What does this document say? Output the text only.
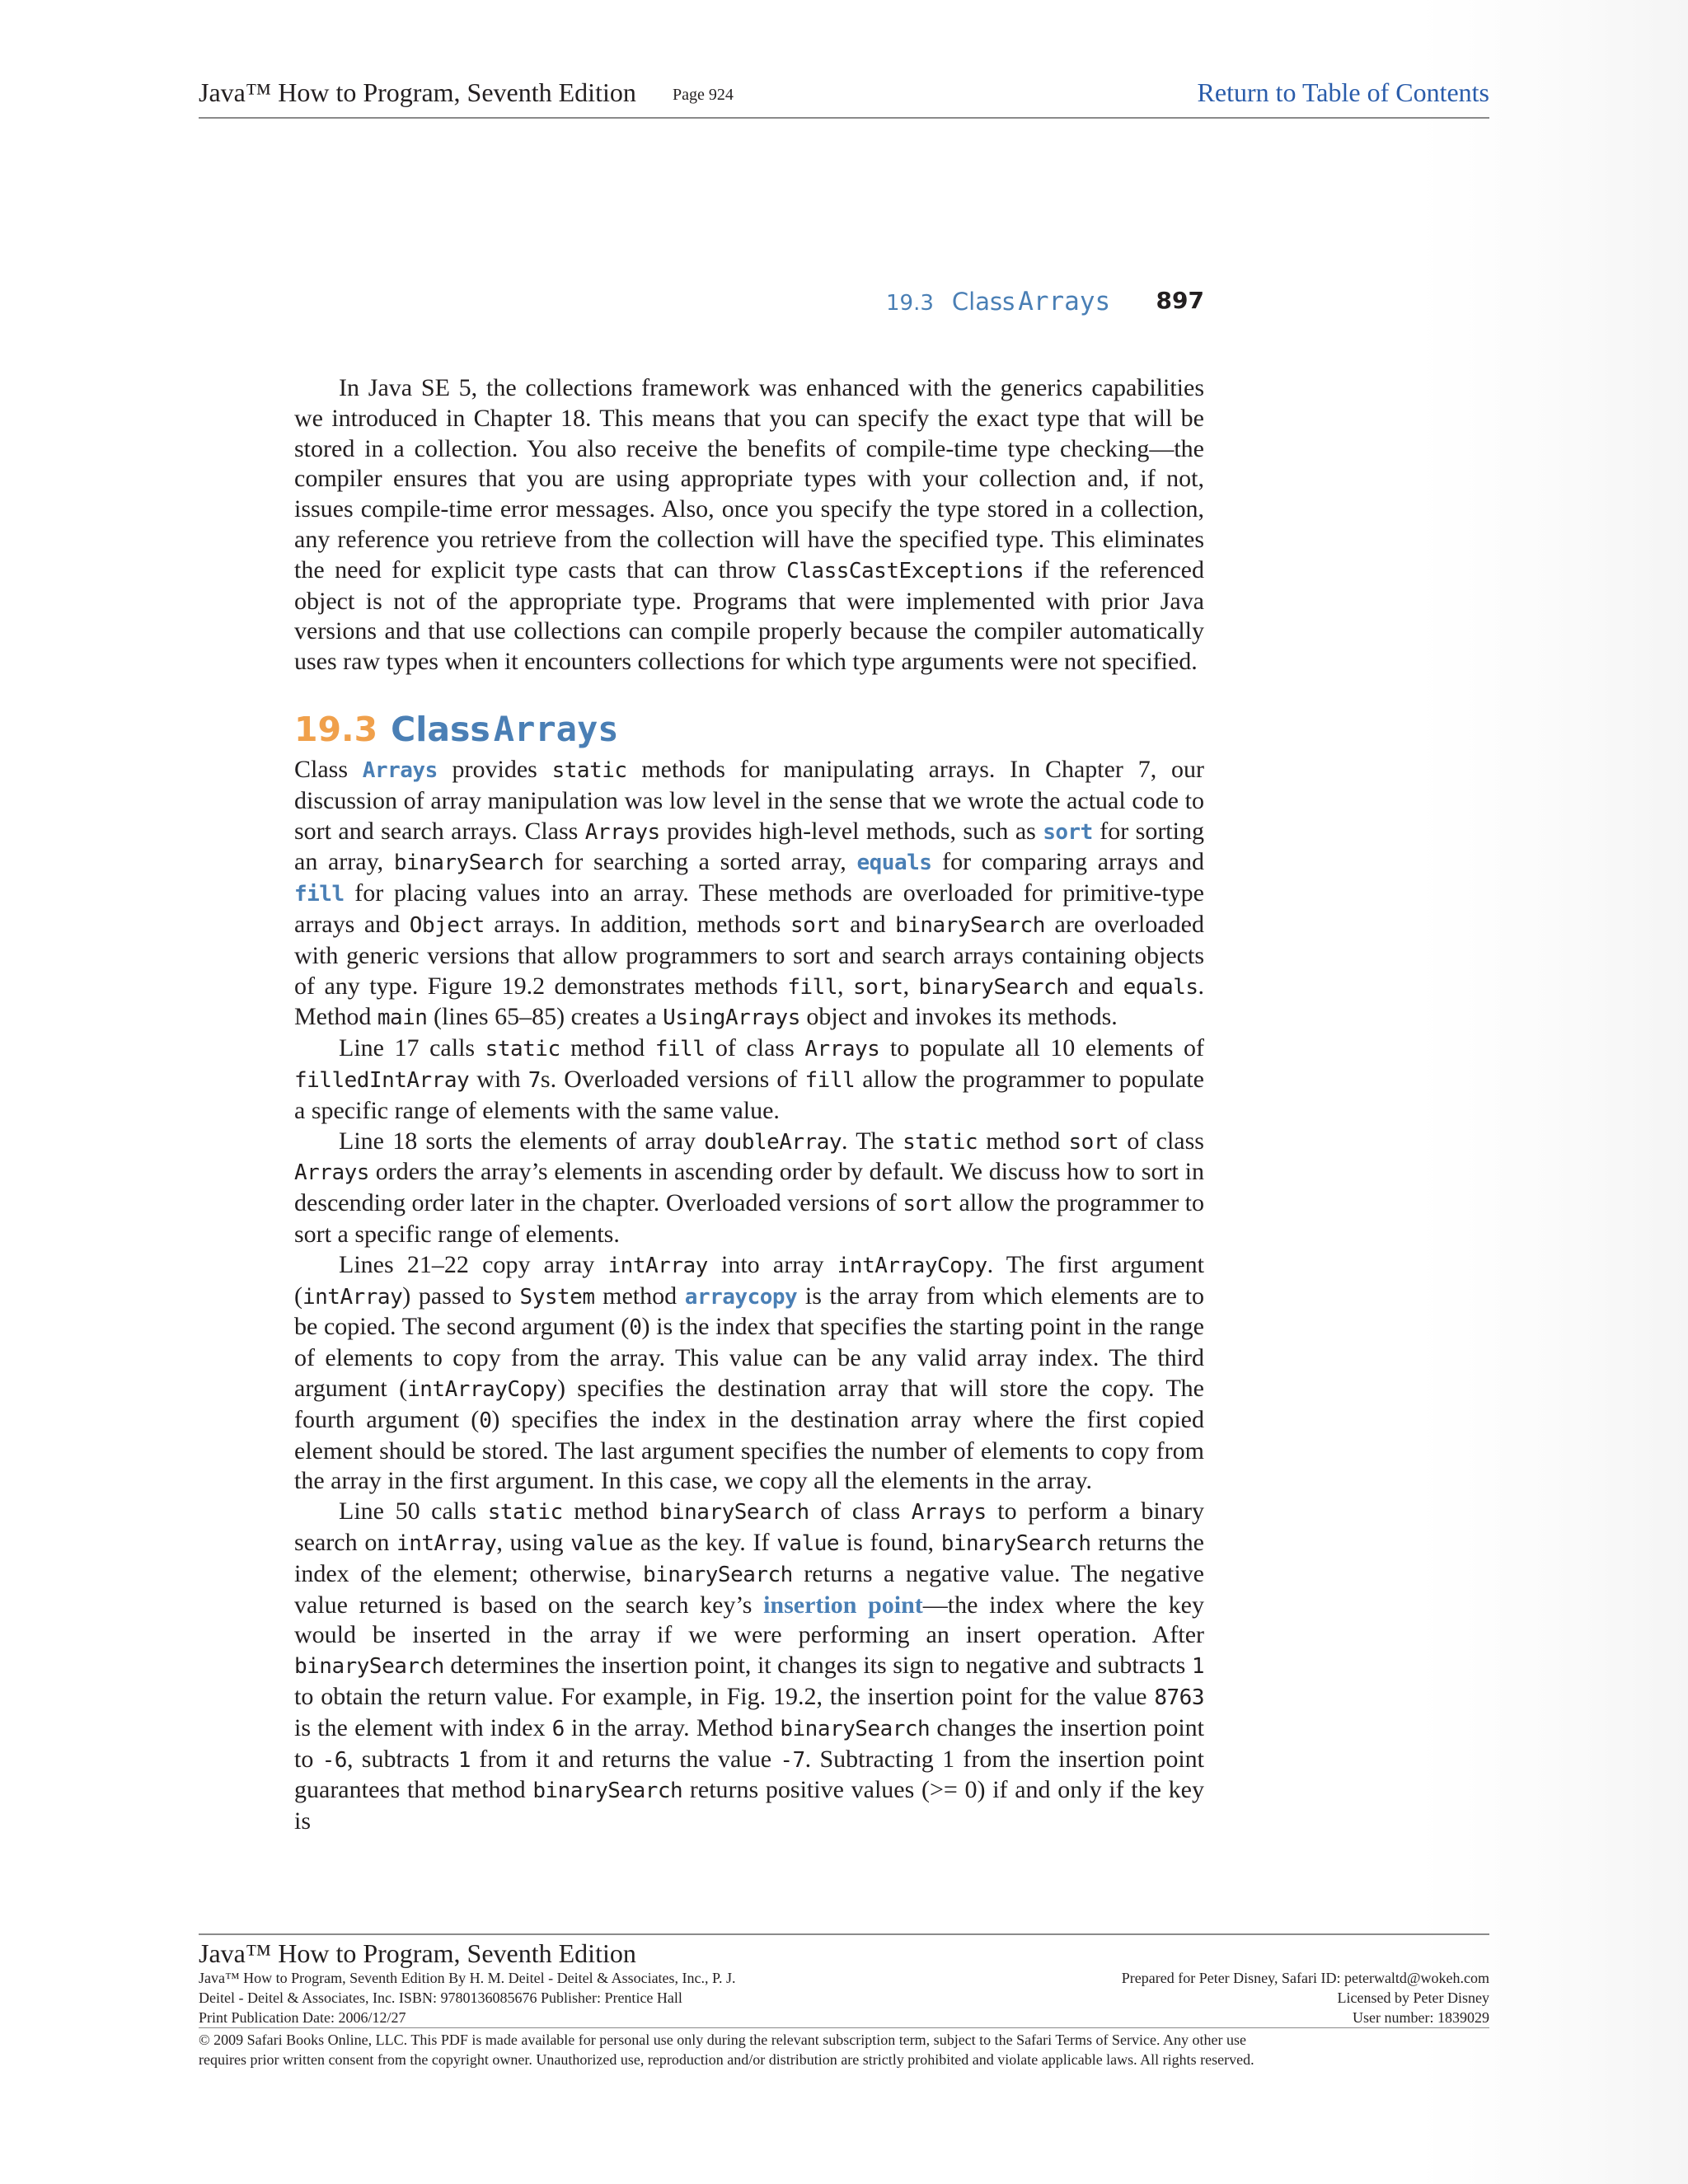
Java™ How to Program, Seventh Edition Page 924	Return to Table of Contents
19.3 Class Arrays 897

In Java SE 5, the collections framework was enhanced with the generics capabilities we introduced in Chapter 18. This means that you can specify the exact type that will be stored in a collection. You also receive the benefits of compile-time type checking—the compiler ensures that you are using appropriate types with your collection and, if not, issues compile-time error messages. Also, once you specify the type stored in a collection, any reference you retrieve from the collection will have the specified type. This eliminates the need for explicit type casts that can throw ClassCastExceptions if the referenced object is not of the appropriate type. Programs that were implemented with prior Java versions and that use collections can compile properly because the compiler automatically uses raw types when it encounters collections for which type arguments were not specified.

19.3 Class Arrays

Class Arrays provides static methods for manipulating arrays. In Chapter 7, our discussion of array manipulation was low level in the sense that we wrote the actual code to sort and search arrays. Class Arrays provides high-level methods, such as sort for sorting an array, binarySearch for searching a sorted array, equals for comparing arrays and fill for placing values into an array. These methods are overloaded for primitive-type arrays and Object arrays. In addition, methods sort and binarySearch are overloaded with generic versions that allow programmers to sort and search arrays containing objects of any type. Figure 19.2 demonstrates methods fill, sort, binarySearch and equals. Method main (lines 65–85) creates a UsingArrays object and invokes its methods.

Line 17 calls static method fill of class Arrays to populate all 10 elements of filledIntArray with 7s. Overloaded versions of fill allow the programmer to populate a specific range of elements with the same value.

Line 18 sorts the elements of array doubleArray. The static method sort of class Arrays orders the array’s elements in ascending order by default. We discuss how to sort in descending order later in the chapter. Overloaded versions of sort allow the programmer to sort a specific range of elements.

Lines 21–22 copy array intArray into array intArrayCopy. The first argument (intArray) passed to System method arraycopy is the array from which elements are to be copied. The second argument (0) is the index that specifies the starting point in the range of elements to copy from the array. This value can be any valid array index. The third argument (intArrayCopy) specifies the destination array that will store the copy. The fourth argument (0) specifies the index in the destination array where the first copied element should be stored. The last argument specifies the number of elements to copy from the array in the first argument. In this case, we copy all the elements in the array.

Line 50 calls static method binarySearch of class Arrays to perform a binary search on intArray, using value as the key. If value is found, binarySearch returns the index of the element; otherwise, binarySearch returns a negative value. The negative value returned is based on the search key’s insertion point—the index where the key would be inserted in the array if we were performing an insert operation. After binarySearch determines the insertion point, it changes its sign to negative and subtracts 1 to obtain the return value. For example, in Fig. 19.2, the insertion point for the value 8763 is the element with index 6 in the array. Method binarySearch changes the insertion point to -6, subtracts 1 from it and returns the value -7. Subtracting 1 from the insertion point guarantees that method binarySearch returns positive values (>= 0) if and only if the key is

Java™ How to Program, Seventh Edition
Java™ How to Program, Seventh Edition By H. M. Deitel - Deitel & Associates, Inc., P. J.	Prepared for Peter Disney, Safari ID: peterwaltd@wokeh.com
Deitel - Deitel & Associates, Inc. ISBN: 9780136085676 Publisher: Prentice Hall	Licensed by Peter Disney
Print Publication Date: 2006/12/27	User number: 1839029
© 2009 Safari Books Online, LLC. This PDF is made available for personal use only during the relevant subscription term, subject to the Safari Terms of Service. Any other use
requires prior written consent from the copyright owner. Unauthorized use, reproduction and/or distribution are strictly prohibited and violate applicable laws. All rights reserved.
